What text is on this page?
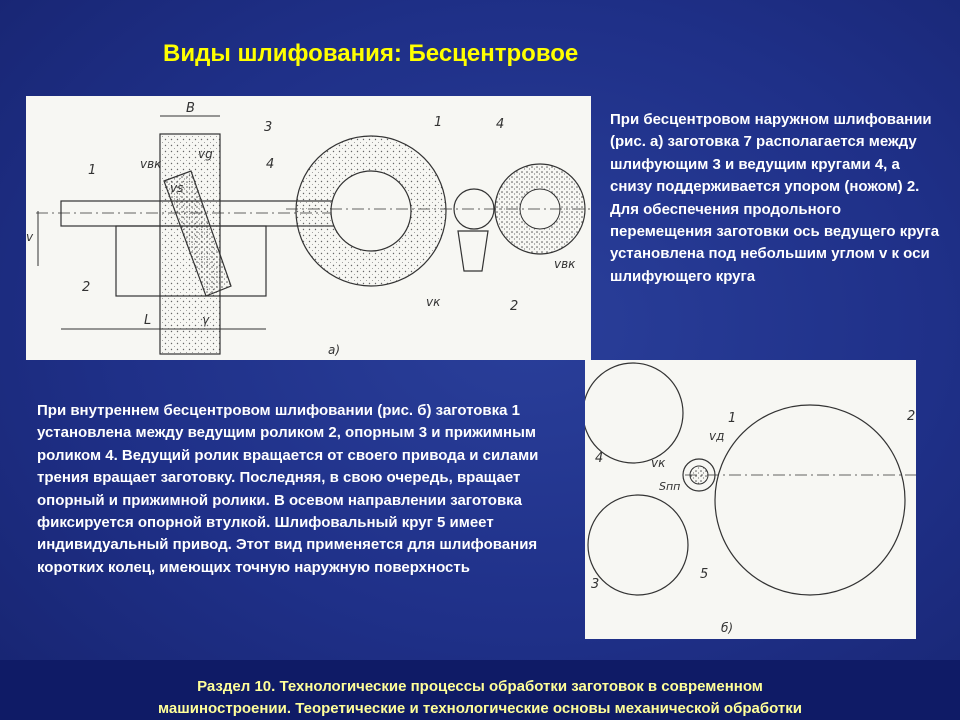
Виды шлифования: Бесцентровое
B
1
2
3
4
vвк
vg
vs
v
L	γ
1	4
2
vвк
vк
а)
При бесцентровом наружном шлифовании (рис. а) заготовка 7 располагается между шлифующим 3 и ведущим кругами 4, а снизу поддерживается упором (ножом) 2. Для обеспечения продольного перемещения заготовки ось ведущего круга установлена под небольшим углом v к оси шлифующего круга
2
4
3
1
5
vд
vк
Sпп
б)
При внутреннем бесцентровом шлифовании (рис. б) заготовка 1 установлена между ведущим роликом 2, опорным 3 и прижимным роликом 4. Ведущий ролик вращается от своего привода и силами трения вращает заготовку. Последняя, в свою очередь, вращает опорный и прижимной ролики. В осевом направлении заготовка фиксируется опорной втулкой. Шлифовальный круг 5 имеет индивидуальный привод. Этот вид применяется для шлифования коротких колец, имеющих точную наружную поверхность
Раздел 10. Технологические процессы обработки заготовок в современном
машиностроении. Теоретические и технологические основы механической обработки
